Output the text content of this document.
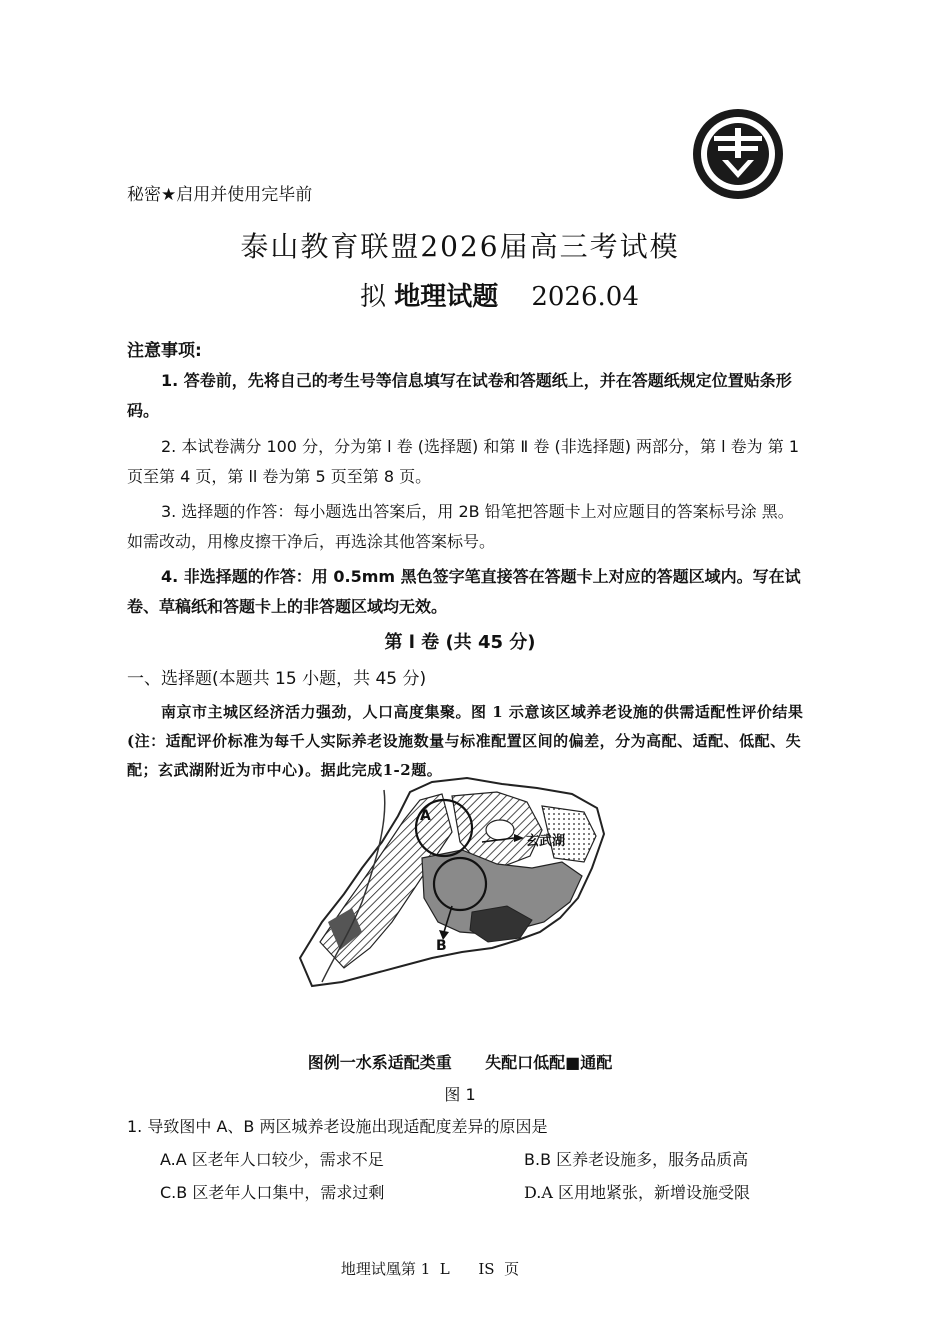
秘密★启用并使用完毕前
泰山教育联盟2026届高三考试模
拟 地理试题 2026.04
注意事项:
1. 答卷前，先将自己的考生号等信息填写在试卷和答题纸上，并在答题纸规定位置贴条形码。
2. 本试卷满分 100 分，分为第 l 卷 (选择题) 和第 Ⅱ 卷 (非选择题) 两部分，第 l 卷为 第 1 页至第 4 页，第 ll 卷为第 5 页至第 8 页。
3. 选择题的作答：每小题选出答案后，用 2B 铅笔把答题卡上对应题目的答案标号涂 黑。如需改动，用橡皮擦干净后，再选涂其他答案标号。
4. 非选择题的作答：用 0.5mm 黑色签字笔直接答在答题卡上对应的答题区域内。写在试卷、草稿纸和答题卡上的非答题区域均无效。
第 l 卷 (共 45 分)
一、选择题(本题共 15 小题，共 45 分)
南京市主城区经济活力强劲，人口高度集聚。图 1 示意该区域养老设施的供需适配性评价结果(注：适配评价标准为每千人实际养老设施数量与标准配置区间的偏差，分为高配、适配、低配、失配；玄武湖附近为市中心)。据此完成1-2题。
玄武湖
A
B
图例一水系适配类重      失配口低配■通配
图 1
1. 导致图中 A、B 两区城养老设施出现适配度差异的原因是
A.A 区老年人口较少，需求不足	B.B 区养老设施多，服务品质高
C.B 区老年人口集中，需求过剩	D.A 区用地紧张，新增设施受限
地理试凰第 1  L      IS  页
